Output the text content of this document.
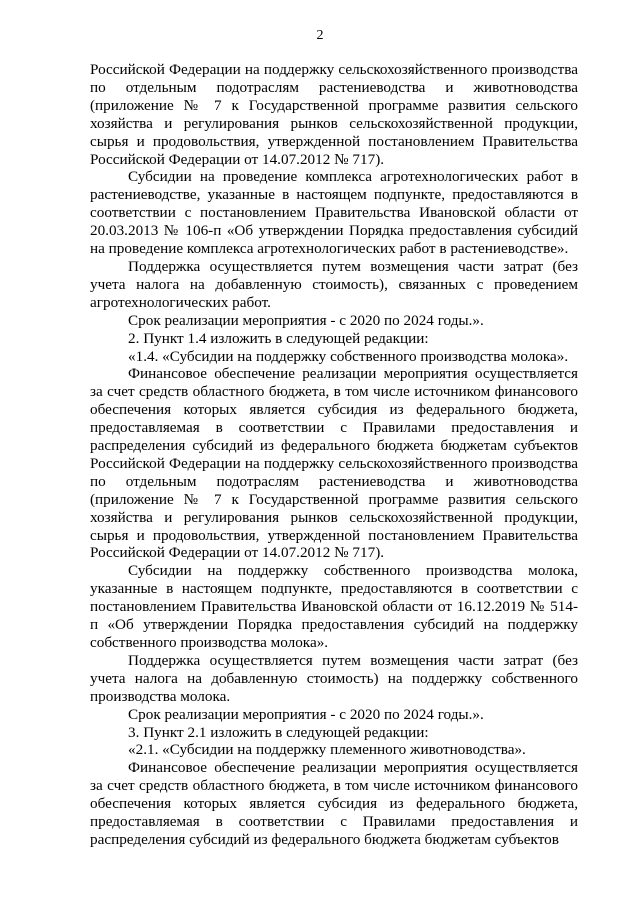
2

Российской Федерации на поддержку сельскохозяйственного производства по отдельным подотраслям растениеводства и животноводства (приложение № 7 к Государственной программе развития сельского хозяйства и регулирования рынков сельскохозяйственной продукции, сырья и продовольствия, утвержденной постановлением Правительства Российской Федерации от 14.07.2012 № 717).

Субсидии на проведение комплекса агротехнологических работ в растениеводстве, указанные в настоящем подпункте, предоставляются в соответствии с постановлением Правительства Ивановской области от 20.03.2013 № 106-п «Об утверждении Порядка предоставления субсидий на проведение комплекса агротехнологических работ в растениеводстве».

Поддержка осуществляется путем возмещения части затрат (без учета налога на добавленную стоимость), связанных с проведением агротехнологических работ.

Срок реализации мероприятия - с 2020 по 2024 годы.».

2. Пункт 1.4 изложить в следующей редакции:

«1.4. «Субсидии на поддержку собственного производства молока».

Финансовое обеспечение реализации мероприятия осуществляется за счет средств областного бюджета, в том числе источником финансового обеспечения которых является субсидия из федерального бюджета, предоставляемая в соответствии с Правилами предоставления и распределения субсидий из федерального бюджета бюджетам субъектов Российской Федерации на поддержку сельскохозяйственного производства по отдельным подотраслям растениеводства и животноводства (приложение № 7 к Государственной программе развития сельского хозяйства и регулирования рынков сельскохозяйственной продукции, сырья и продовольствия, утвержденной постановлением Правительства Российской Федерации от 14.07.2012 № 717).

Субсидии на поддержку собственного производства молока, указанные в настоящем подпункте, предоставляются в соответствии с постановлением Правительства Ивановской области от 16.12.2019 № 514-п «Об утверждении Порядка предоставления субсидий на поддержку собственного производства молока».

Поддержка осуществляется путем возмещения части затрат (без учета налога на добавленную стоимость) на поддержку собственного производства молока.

Срок реализации мероприятия - с 2020 по 2024 годы.».

3. Пункт 2.1 изложить в следующей редакции:

«2.1. «Субсидии на поддержку племенного животноводства».

Финансовое обеспечение реализации мероприятия осуществляется за счет средств областного бюджета, в том числе источником финансового обеспечения которых является субсидия из федерального бюджета, предоставляемая в соответствии с Правилами предоставления и распределения субсидий из федерального бюджета бюджетам субъектов
